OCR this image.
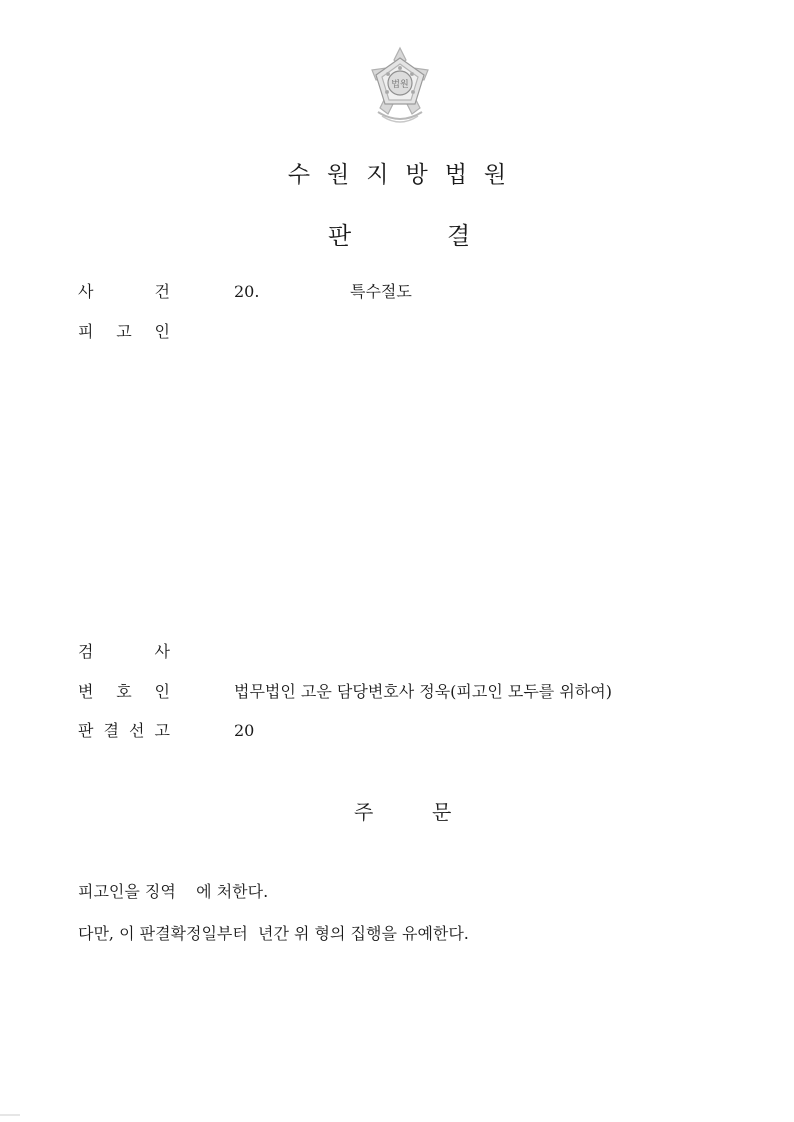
법원
수원지방법원
판	결
사	건	20.	특수절도
피 고 인
검	사
변 호 인	법무법인 고운 담당변호사 정욱(피고인 모두를 위하여)
판 결 선 고	20
주	문
피고인을 징역    에 처한다.
다만, 이 판결확정일부터  년간 위 형의 집행을 유예한다.
